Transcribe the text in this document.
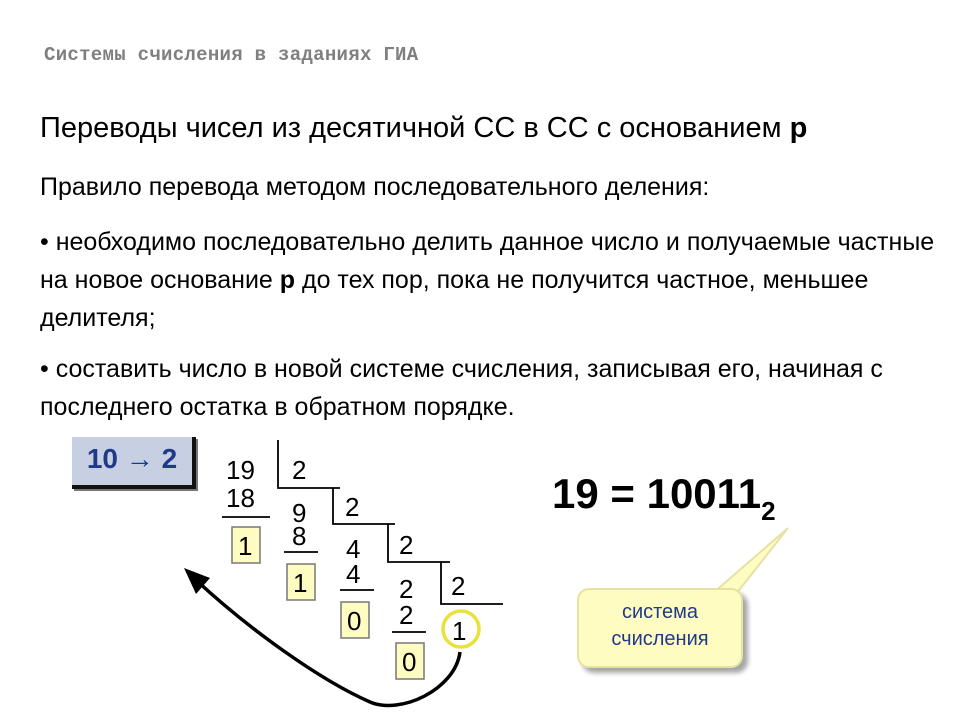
Системы счисления в заданиях ГИА
Переводы чисел из десятичной СС в СС с основанием p
Правило перевода методом последовательного деления:
• необходимо последовательно делить данное число и получаемые частные на новое основание p до тех пор, пока не получится частное, меньшее делителя;
• составить число в новой системе счисления, записывая его, начиная с последнего остатка в обратном порядке.
10 → 2	19
9
4
2
2
2
2
2
18
8
4
2
1
1
0
0
1
$19 = 10011_2$
система
счисления
